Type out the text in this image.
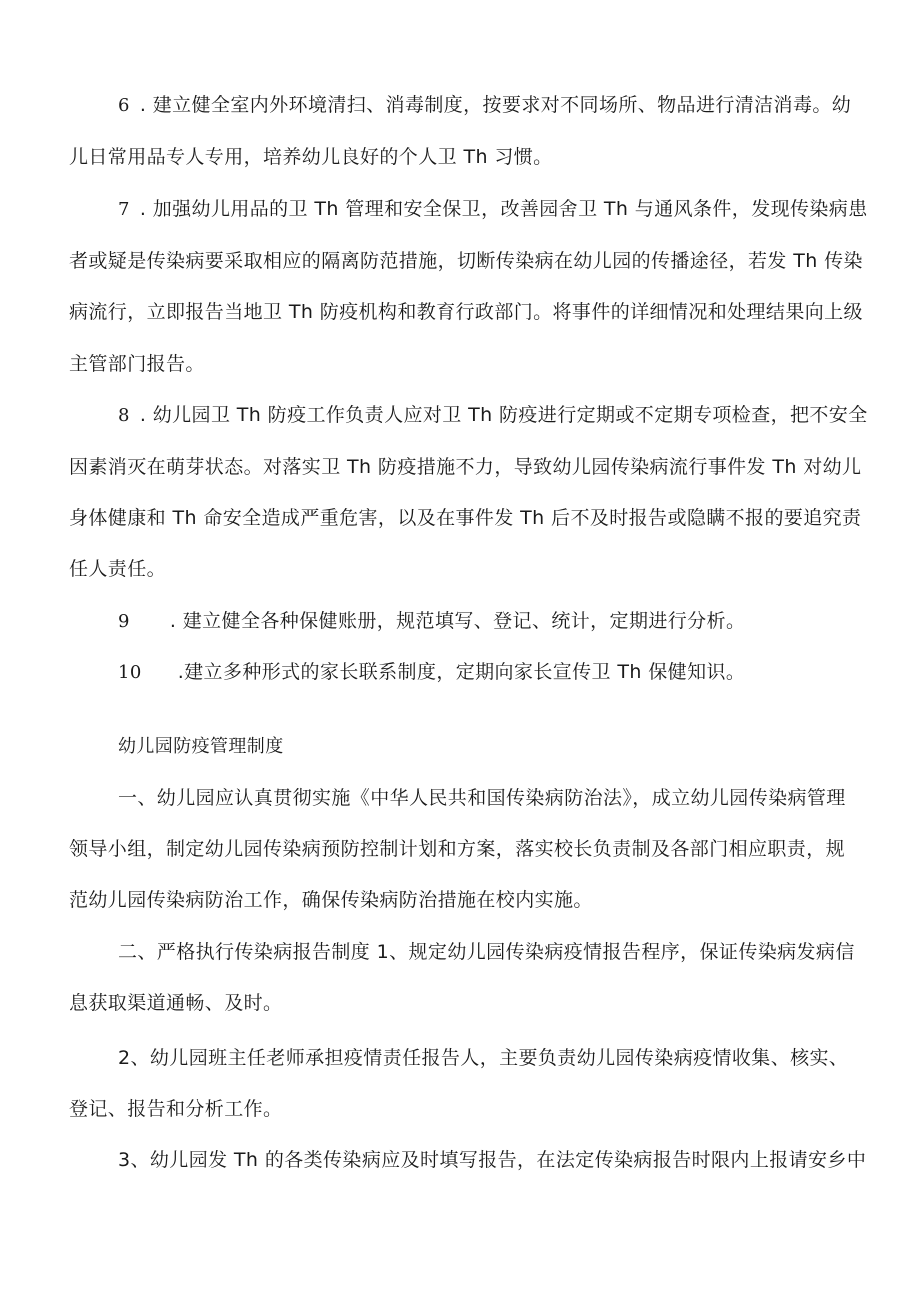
6 . 建立健全室内外环境清扫、消毒制度，按要求对不同场所、物品进行清洁消毒。幼
儿日常用品专人专用，培养幼儿良好的个人卫 Th 习惯。
7 . 加强幼儿用品的卫 Th 管理和安全保卫，改善园舍卫 Th 与通风条件，发现传染病患
者或疑是传染病要采取相应的隔离防范措施，切断传染病在幼儿园的传播途径，若发 Th 传染
病流行，立即报告当地卫 Th 防疫机构和教育行政部门。将事件的详细情况和处理结果向上级
主管部门报告。
8 . 幼儿园卫 Th 防疫工作负责人应对卫 Th 防疫进行定期或不定期专项检查，把不安全
因素消灭在萌芽状态。对落实卫 Th 防疫措施不力，导致幼儿园传染病流行事件发 Th 对幼儿
身体健康和 Th 命安全造成严重危害，以及在事件发 Th 后不及时报告或隐瞒不报的要追究责
任人责任。
9 . 建立健全各种保健账册，规范填写、登记、统计，定期进行分析。
10 .建立多种形式的家长联系制度，定期向家长宣传卫 Th 保健知识。
幼儿园防疫管理制度
一、幼儿园应认真贯彻实施《中华人民共和国传染病防治法》，成立幼儿园传染病管理
领导小组，制定幼儿园传染病预防控制计划和方案，落实校长负责制及各部门相应职责，规
范幼儿园传染病防治工作，确保传染病防治措施在校内实施。
二、严格执行传染病报告制度 1、规定幼儿园传染病疫情报告程序，保证传染病发病信
息获取渠道通畅、及时。
2、幼儿园班主任老师承担疫情责任报告人，主要负责幼儿园传染病疫情收集、核实、
登记、报告和分析工作。
3、幼儿园发 Th 的各类传染病应及时填写报告，在法定传染病报告时限内上报请安乡中
